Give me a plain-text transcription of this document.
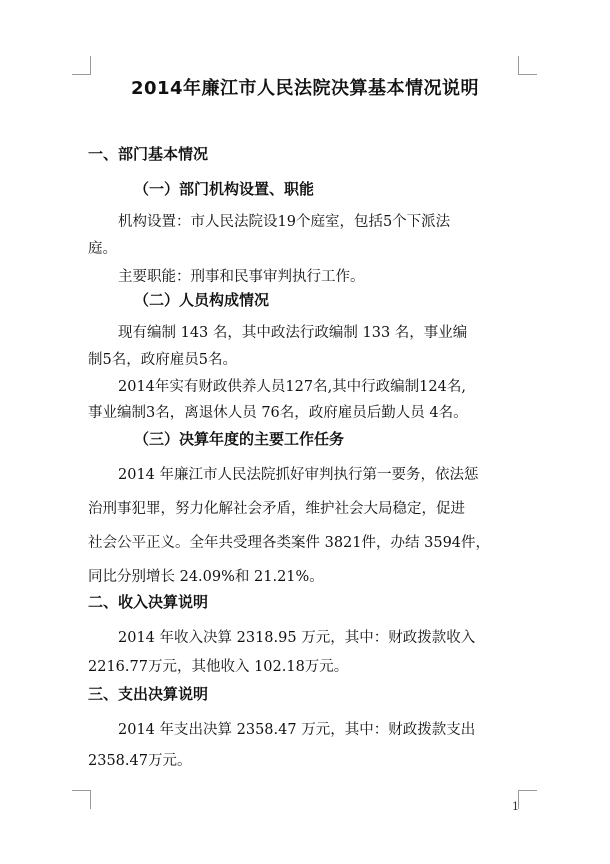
2014年廉江市人民法院决算基本情况说明
一、部门基本情况
（一）部门机构设置、职能
机构设置：市人民法院设19个庭室，包括5个下派法
庭。
主要职能：刑事和民事审判执行工作。
（二）人员构成情况
现有编制 143 名，其中政法行政编制 133 名，事业编
制5名，政府雇员5名。
2014年实有财政供养人员127名,其中行政编制124名,
事业编制3名，离退休人员 76名，政府雇员后勤人员 4名。
（三）决算年度的主要工作任务
2014 年廉江市人民法院抓好审判执行第一要务，依法惩
治刑事犯罪，努力化解社会矛盾，维护社会大局稳定，促进
社会公平正义。全年共受理各类案件 3821件，办结 3594件，
同比分别增长 24.09%和 21.21%。
二、收入决算说明
2014 年收入决算 2318.95 万元，其中：财政拨款收入
2216.77万元，其他收入 102.18万元。
三、支出决算说明
2014 年支出决算 2358.47 万元，其中：财政拨款支出
2358.47万元。
1
